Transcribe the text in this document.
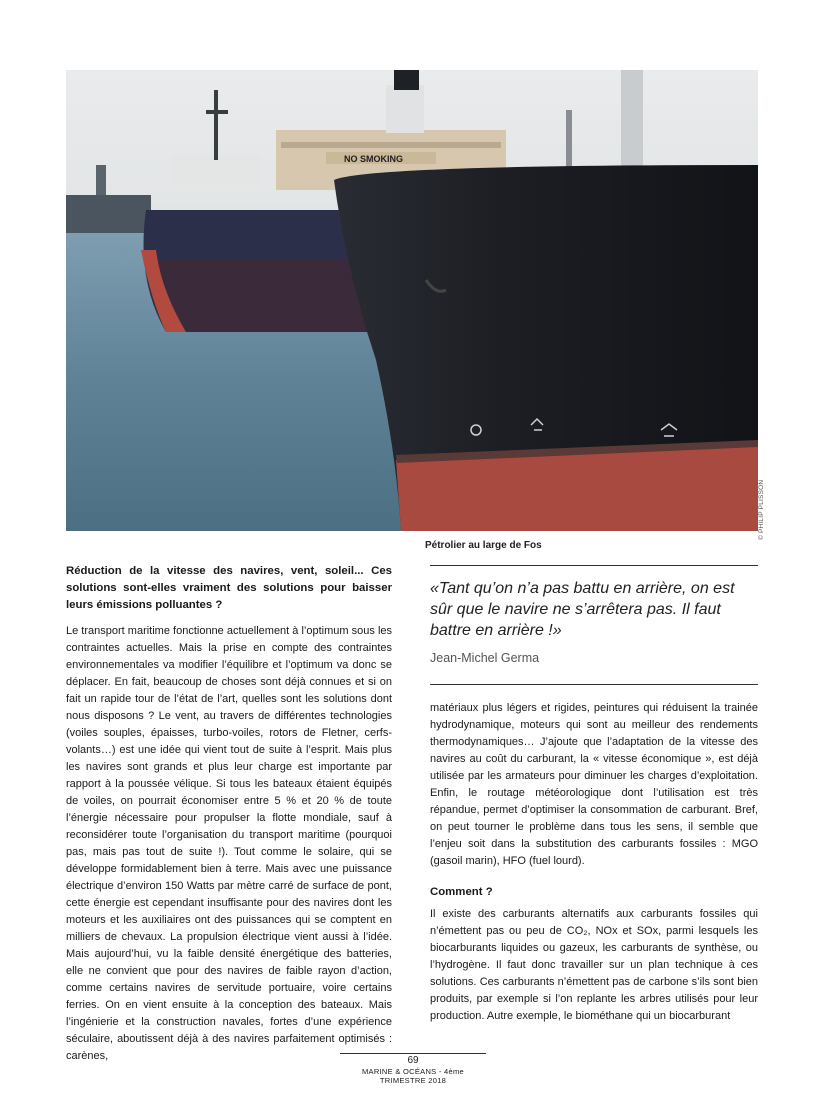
NO SMOKING
© PHILIP PLISSON
Pétrolier au large de Fos

Réduction de la vitesse des navires, vent, soleil... Ces solutions sont-elles vraiment des solutions pour baisser leurs émissions polluantes ?

Le transport maritime fonctionne actuellement à l’optimum sous les contraintes actuelles. Mais la prise en compte des contraintes environnementales va modifier l’équilibre et l’optimum va donc se déplacer. En fait, beaucoup de choses sont déjà connues et si on fait un rapide tour de l’état de l’art, quelles sont les solutions dont nous disposons ? Le vent, au travers de différentes technologies (voiles souples, épaisses, turbo-voiles, rotors de Fletner, cerfs-volants…) est une idée qui vient tout de suite à l’esprit. Mais plus les navires sont grands et plus leur charge est importante par rapport à la poussée vélique. Si tous les bateaux étaient équipés de voiles, on pourrait économiser entre 5 % et 20 % de toute l’énergie nécessaire pour propulser la flotte mondiale, sauf à reconsidérer toute l’organisation du transport maritime (pourquoi pas, mais pas tout de suite !). Tout comme le solaire, qui se développe formidablement bien à terre. Mais avec une puissance électrique d’environ 150 Watts par mètre carré de surface de pont, cette énergie est cependant insuffisante pour des navires dont les moteurs et les auxiliaires ont des puissances qui se comptent en milliers de chevaux. La propulsion électrique vient aussi à l’idée. Mais aujourd’hui, vu la faible densité énergétique des batteries, elle ne convient que pour des navires de faible rayon d’action, comme certains navires de servitude portuaire, voire certains ferries. On en vient ensuite à la conception des bateaux. Mais l’ingénierie et la construction navales, fortes d’une expérience séculaire, aboutissent déjà à des navires parfaitement optimisés : carènes,

«Tant qu’on n’a pas battu en arrière, on est sûr que le navire ne s’arrêtera pas. Il faut battre en arrière !»
Jean-Michel Germa

matériaux plus légers et rigides, peintures qui réduisent la trainée hydrodynamique, moteurs qui sont au meilleur des rendements thermodynamiques… J’ajoute que l’adaptation de la vitesse des navires au coût du carburant, la « vitesse économique », est déjà utilisée par les armateurs pour diminuer les charges d’exploitation. Enfin, le routage météorologique dont l’utilisation est très répandue, permet d’optimiser la consommation de carburant. Bref, on peut tourner le problème dans tous les sens, il semble que l’enjeu soit dans la substitution des carburants fossiles : MGO (gasoil marin), HFO (fuel lourd).

Comment ?

Il existe des carburants alternatifs aux carburants fossiles qui n’émettent pas ou peu de CO₂, NOx et SOx, parmi lesquels les biocarburants liquides ou gazeux, les carburants de synthèse, ou l’hydrogène. Il faut donc travailler sur un plan technique à ces solutions. Ces carburants n’émettent pas de carbone s’ils sont bien produits, par exemple si l’on replante les arbres utilisés pour leur production. Autre exemple, le biométhane qui un biocarburant

69
MARINE & OCÉANS - 4ème TRIMESTRE 2018
